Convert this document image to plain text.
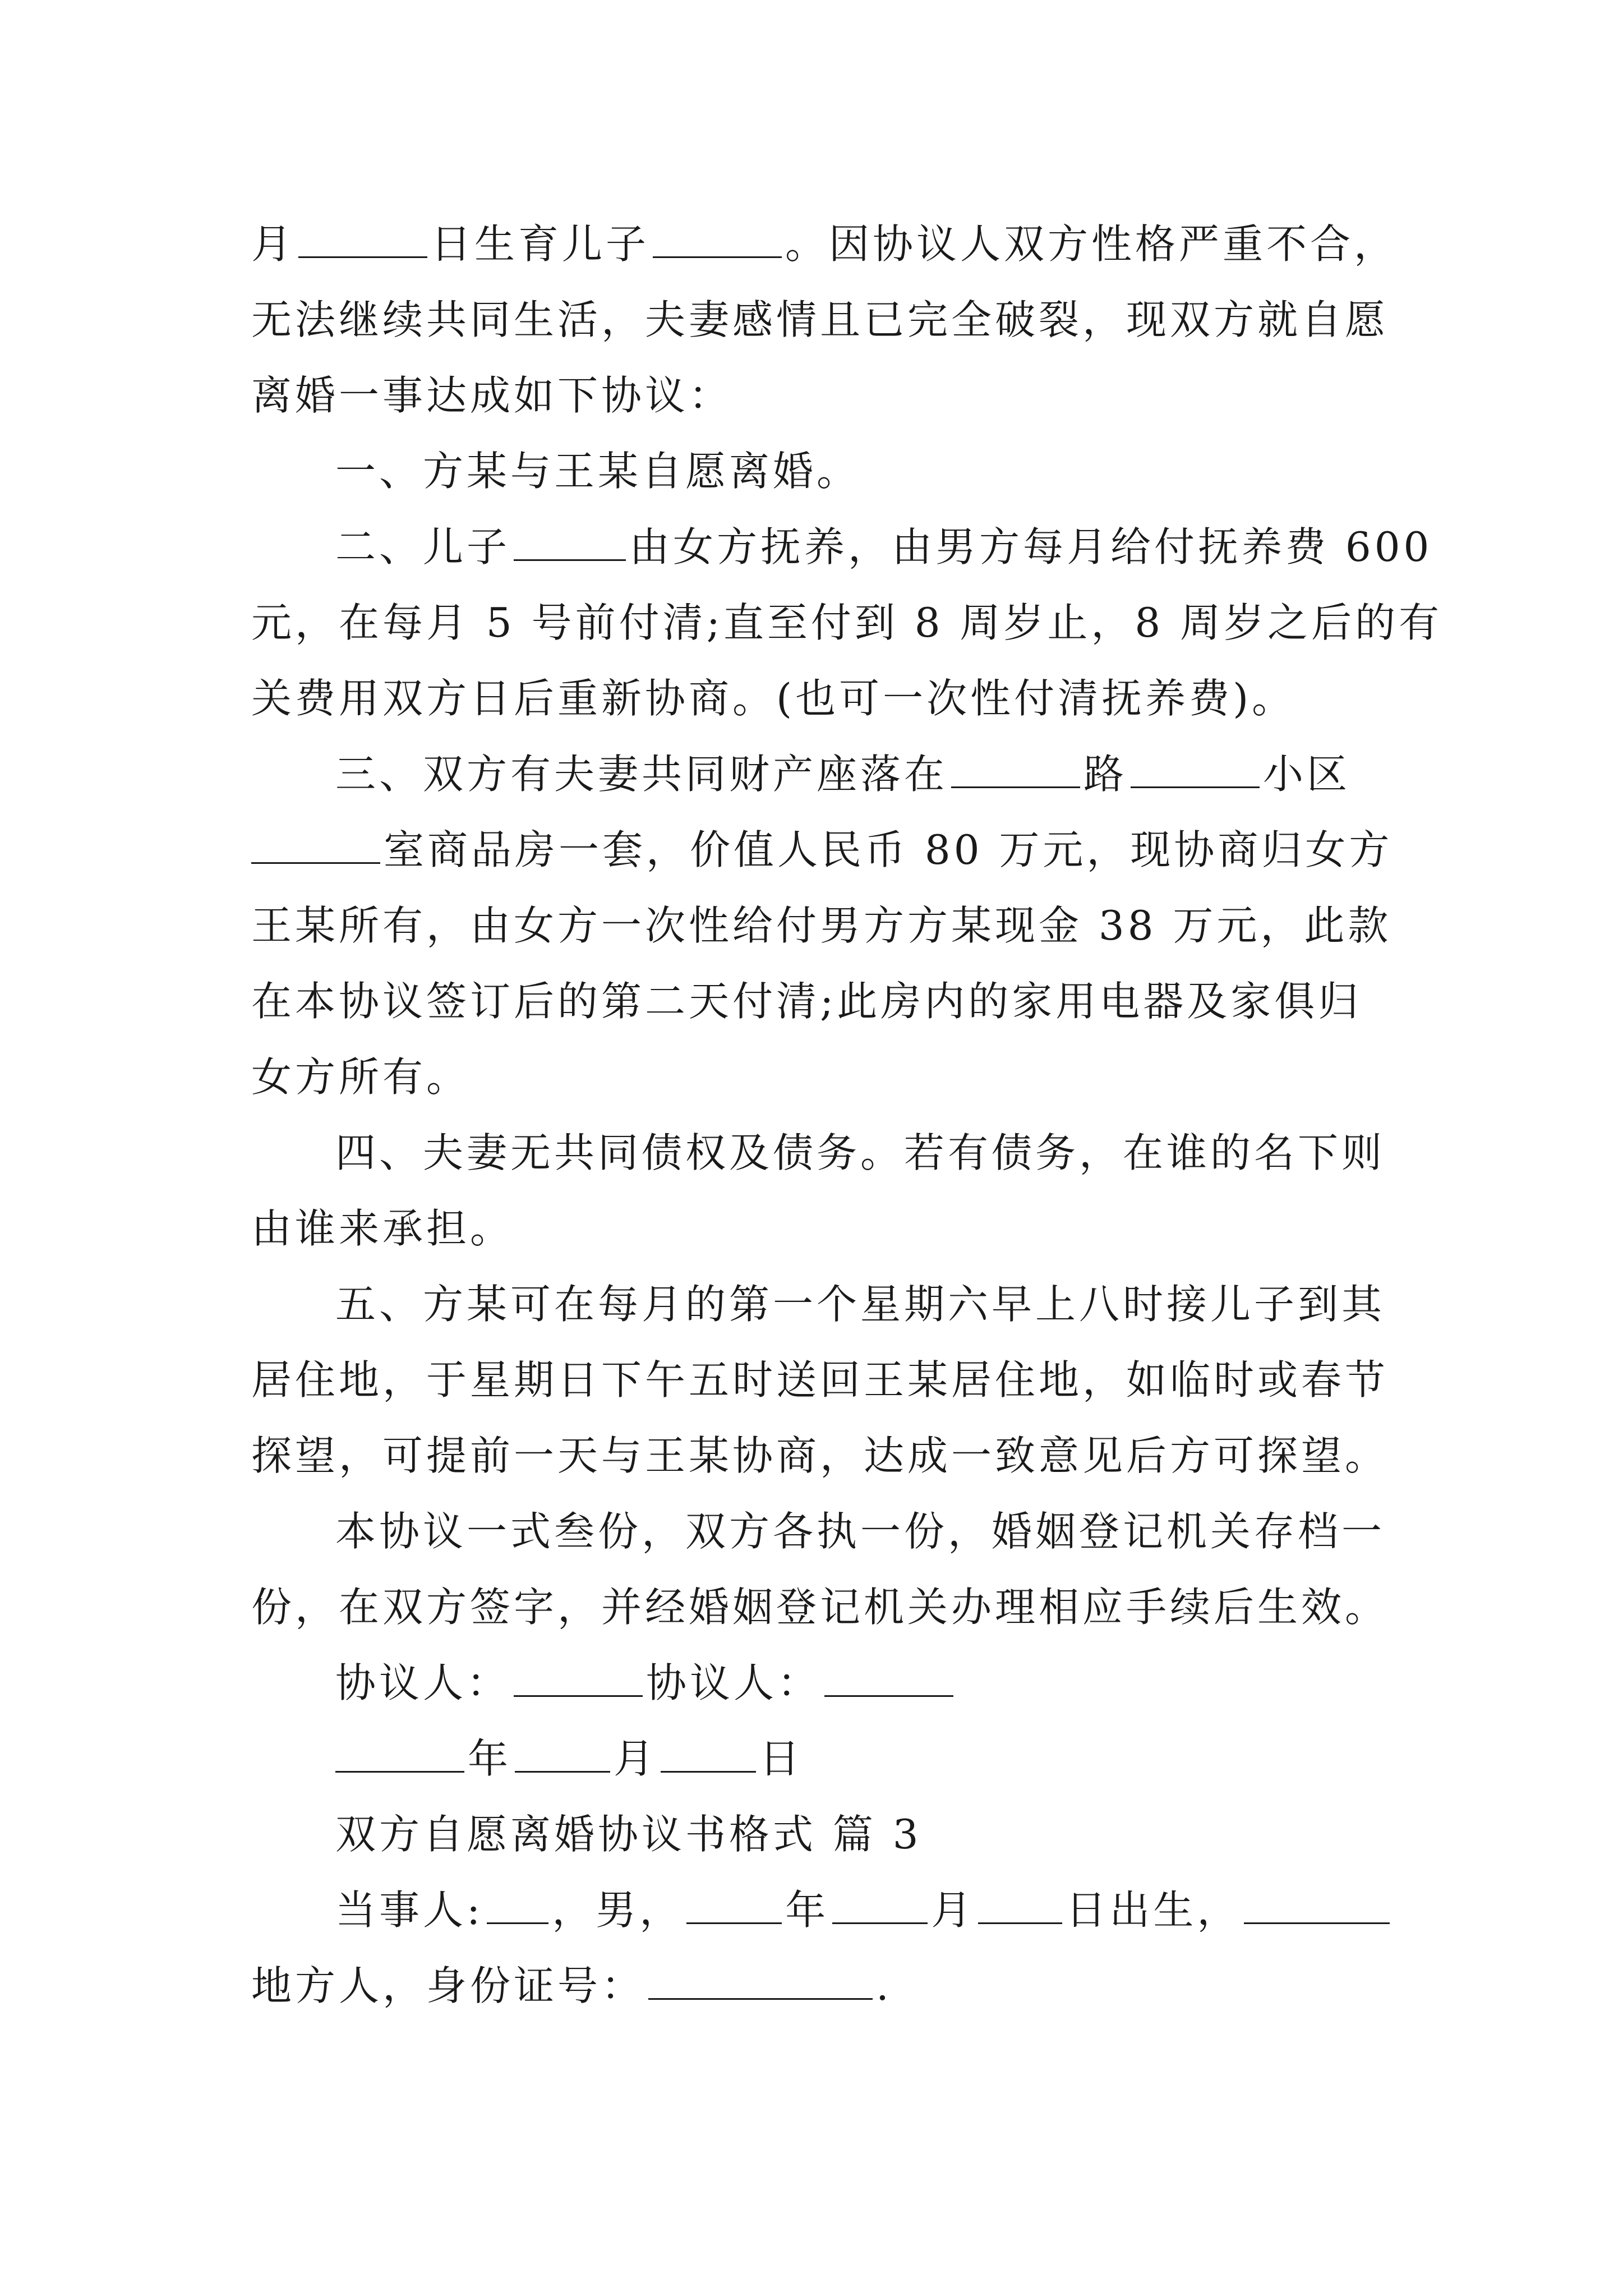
月	日生育儿子	。因协议人双方性格严重不合，
无法继续共同生活，夫妻感情且已完全破裂，现双方就自愿
离婚一事达成如下协议：
一、方某与王某自愿离婚。
二、儿子	由女方抚养，由男方每月给付抚养费 600
元，在每月 5 号前付清;直至付到 8 周岁止，8 周岁之后的有
关费用双方日后重新协商。(也可一次性付清抚养费)。
三、双方有夫妻共同财产座落在	路	小区
室商品房一套，价值人民币 80 万元，现协商归女方
王某所有，由女方一次性给付男方方某现金 38 万元，此款
在本协议签订后的第二天付清;此房内的家用电器及家俱归
女方所有。
四、夫妻无共同债权及债务。若有债务，在谁的名下则
由谁来承担。
五、方某可在每月的第一个星期六早上八时接儿子到其
居住地，于星期日下午五时送回王某居住地，如临时或春节
探望，可提前一天与王某协商，达成一致意见后方可探望。
本协议一式叁份，双方各执一份，婚姻登记机关存档一
份，在双方签字，并经婚姻登记机关办理相应手续后生效。
协议人：	协议人：
年	月	日
双方自愿离婚协议书格式 篇 3
当事人: ，男，	年	月 日出生，
地方人，身份证号：	.
